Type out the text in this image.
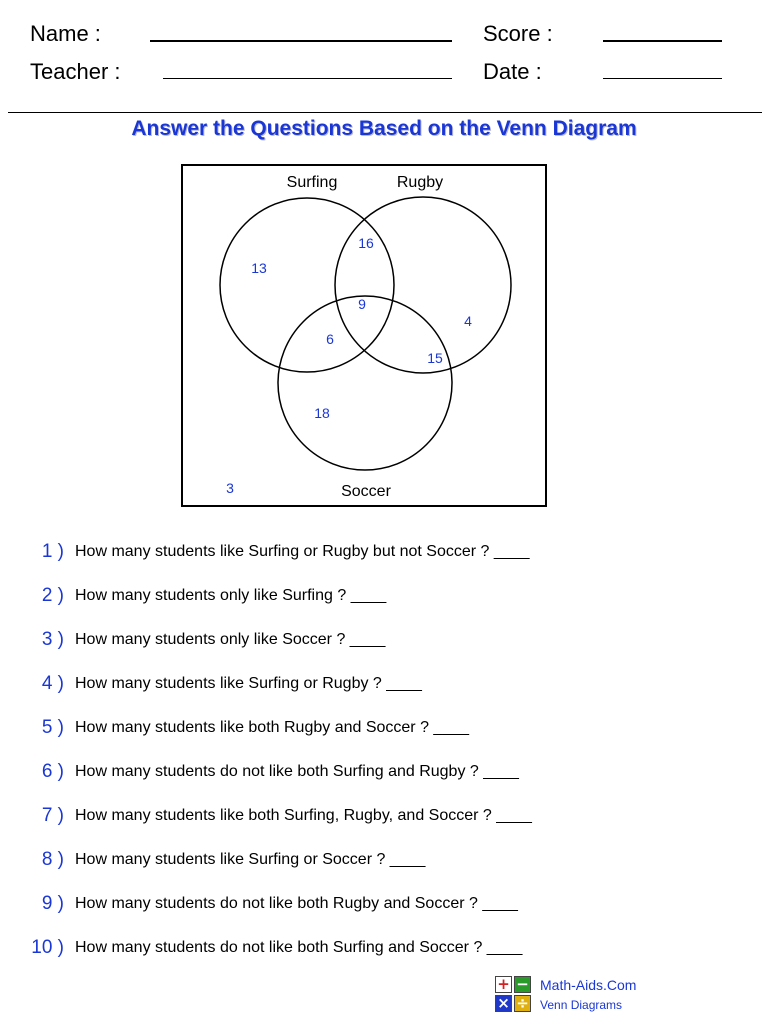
Name :	Score :
Teacher :	Date :
Answer the Questions Based on the Venn Diagram
Surfing	Rugby
Soccer
13
16
9
4
6
15
18
3
1 ) How many students like Surfing or Rugby but not Soccer ? ____
2 ) How many students only like Surfing ? ____
3 ) How many students only like Soccer ? ____
4 ) How many students like Surfing or Rugby ? ____
5 ) How many students like both Rugby and Soccer ? ____
6 ) How many students do not like both Surfing and Rugby ? ____
7 ) How many students like both Surfing, Rugby, and Soccer ? ____
8 ) How many students like Surfing or Soccer ? ____
9 ) How many students do not like both Rugby and Soccer ? ____
10 ) How many students do not like both Surfing and Soccer ? ____
+ −
× ÷
Math-Aids.Com
Venn Diagrams
